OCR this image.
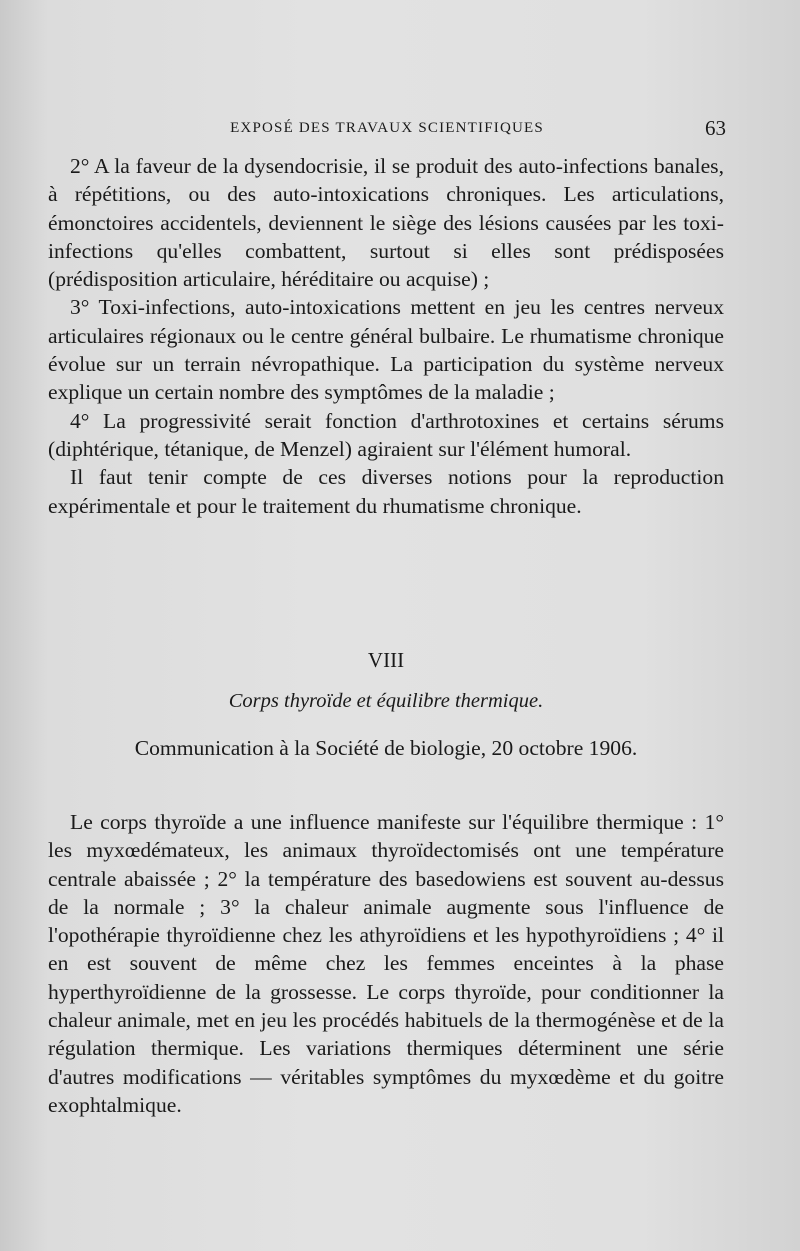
EXPOSÉ DES TRAVAUX SCIENTIFIQUES	63

2° A la faveur de la dysendocrisie, il se produit des auto-infections banales, à répétitions, ou des auto-intoxications chroniques. Les articulations, émonctoires accidentels, deviennent le siège des lésions causées par les toxi-infections qu'elles combattent, surtout si elles sont prédisposées (prédisposition articulaire, héréditaire ou acquise) ;

3° Toxi-infections, auto-intoxications mettent en jeu les centres nerveux articulaires régionaux ou le centre général bulbaire. Le rhumatisme chronique évolue sur un terrain névropathique. La participation du système nerveux explique un certain nombre des symptômes de la maladie ;

4° La progressivité serait fonction d'arthrotoxines et certains sérums (diphtérique, tétanique, de Menzel) agiraient sur l'élément humoral.

Il faut tenir compte de ces diverses notions pour la reproduction expérimentale et pour le traitement du rhumatisme chronique.

VIII
Corps thyroïde et équilibre thermique.
Communication à la Société de biologie, 20 octobre 1906.

Le corps thyroïde a une influence manifeste sur l'équilibre thermique : 1° les myxœdémateux, les animaux thyroïdectomisés ont une température centrale abaissée ; 2° la température des basedowiens est souvent au-dessus de la normale ; 3° la chaleur animale augmente sous l'influence de l'opothérapie thyroïdienne chez les athyroïdiens et les hypothyroïdiens ; 4° il en est souvent de même chez les femmes enceintes à la phase hyperthyroïdienne de la grossesse. Le corps thyroïde, pour conditionner la chaleur animale, met en jeu les procédés habituels de la thermogénèse et de la régulation thermique. Les variations thermiques déterminent une série d'autres modifications — véritables symptômes du myxœdème et du goitre exophtalmique.
